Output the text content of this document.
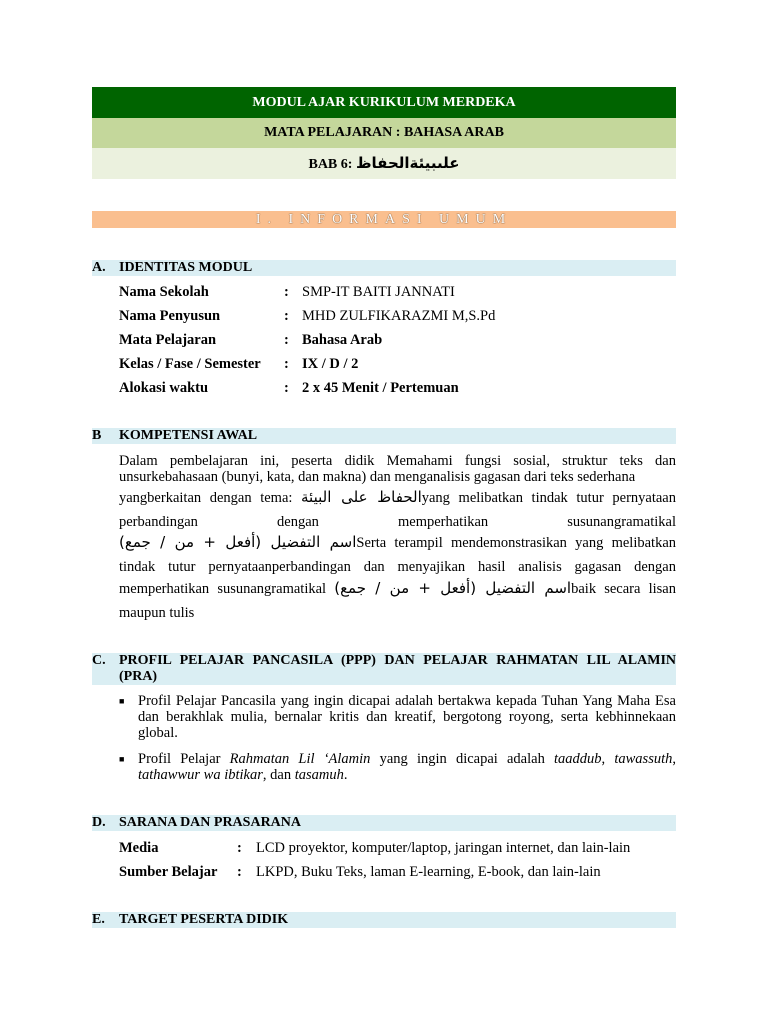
MODUL AJAR KURIKULUM MERDEKA
MATA PELAJARAN : BAHASA ARAB
BAB 6: علىبيئةالحفاظ
I. INFORMASI UMUM
A. IDENTITAS MODUL
Nama Sekolah	: SMP-IT BAITI JANNATI
Nama Penyusun	: MHD ZULFIKARAZMI M,S.Pd
Mata Pelajaran	: Bahasa Arab
Kelas / Fase / Semester : IX / D / 2
Alokasi waktu	: 2 x 45 Menit / Pertemuan
B KOMPETENSI AWAL
Dalam pembelajaran ini, peserta didik Memahami fungsi sosial, struktur teks dan unsurkebahasaan (bunyi, kata, dan makna) dan menganalisis gagasan dari teks sederhana
yangberkaitan dengan tema: الحفاظ على البيئةyang melibatkan tindak tutur pernyataan
perbandingan dengan memperhatikan susunangramatikal
اسم التفضيل (أفعل + من / جمع)Serta terampil mendemonstrasikan yang melibatkan
tindak tutur pernyataanperbandingan dan menyajikan hasil analisis gagasan dengan
memperhatikan susunangramatikal اسم التفضيل (أفعل + من / جمع)baik secara lisan
maupun tulis
C. PROFIL PELAJAR PANCASILA (PPP) DAN PELAJAR RAHMATAN LIL ALAMIN (PRA)
■ Profil Pelajar Pancasila yang ingin dicapai adalah bertakwa kepada Tuhan Yang Maha Esa dan berakhlak mulia, bernalar kritis dan kreatif, bergotong royong, serta kebhinnekaan global.
■ Profil Pelajar Rahmatan Lil ‘Alamin yang ingin dicapai adalah taaddub, tawassuth, tathawwur wa ibtikar, dan tasamuh.
D. SARANA DAN PRASARANA
Media	: LCD proyektor, komputer/laptop, jaringan internet, dan lain-lain
Sumber Belajar : LKPD, Buku Teks, laman E-learning, E-book, dan lain-lain
E. TARGET PESERTA DIDIK
